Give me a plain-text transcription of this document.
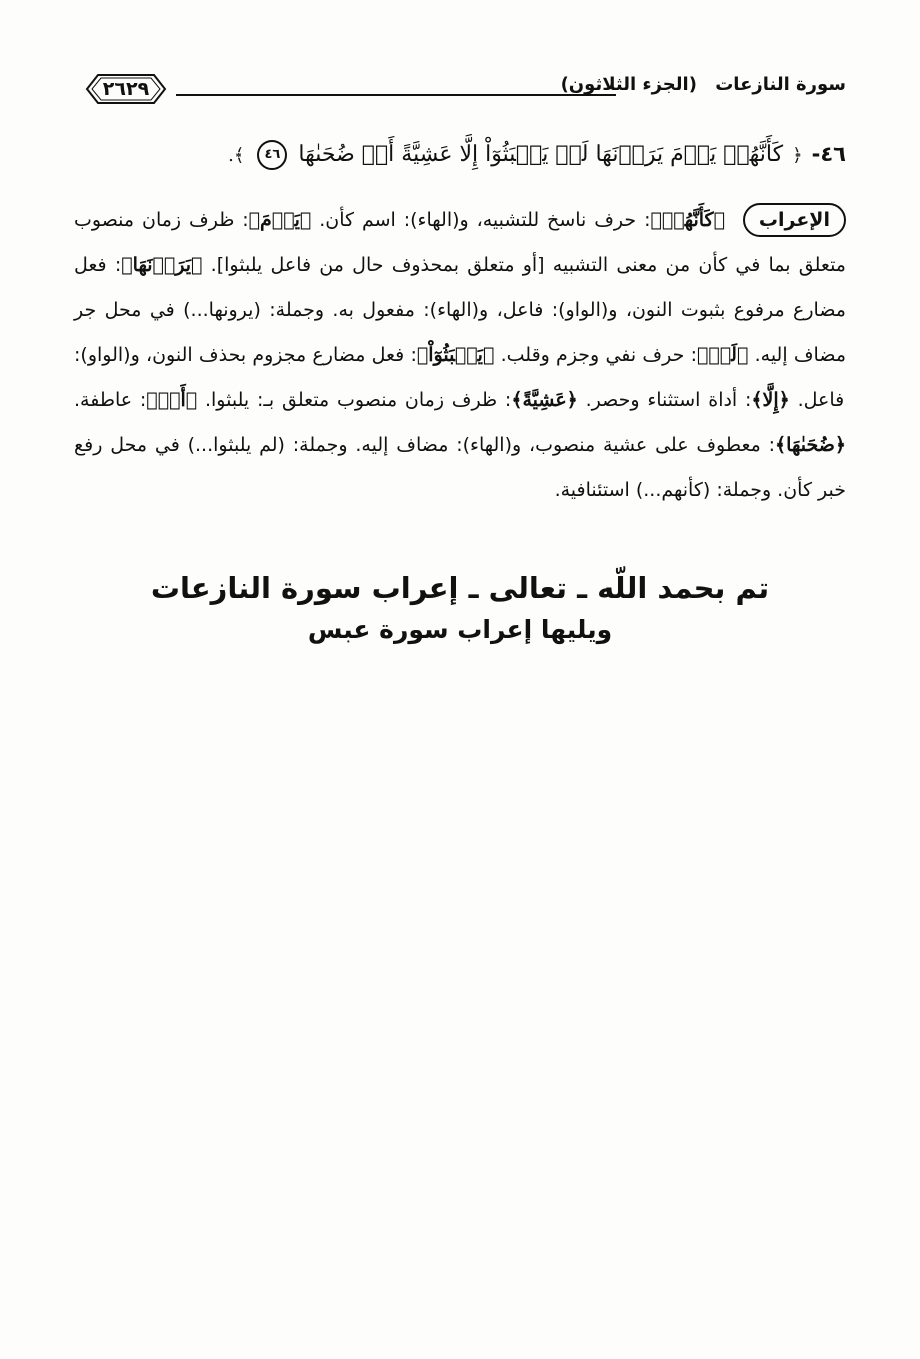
٢٦٢٩	سورة النازعات (الجزء الثلاثون)
٤٦- ﴿ كَأَنَّهُمۡ يَوۡمَ يَرَوۡنَهَا لَمۡ يَلۡبَثُوٓاْ إِلَّا عَشِيَّةً أَوۡ ضُحَىٰهَا ٤٦ ﴾.
الإعراب ﴿كَأَنَّهُمۡ﴾: حرف ناسخ للتشبيه، و(الهاء): اسم كأن. ﴿يَوۡمَ﴾: ظرف زمان منصوب متعلق بما في كأن من معنى التشبيه [أو متعلق بمحذوف حال من فاعل يلبثوا]. ﴿يَرَوۡنَهَا﴾: فعل مضارع مرفوع بثبوت النون، و(الواو): فاعل، و(الهاء): مفعول به. وجملة: (يرونها...) في محل جر مضاف إليه. ﴿لَمۡ﴾: حرف نفي وجزم وقلب. ﴿يَلۡبَثُوٓاْ﴾: فعل مضارع مجزوم بحذف النون، و(الواو): فاعل. ﴿إِلَّا﴾: أداة استثناء وحصر. ﴿عَشِيَّةً﴾: ظرف زمان منصوب متعلق بـ: يلبثوا. ﴿أَوۡ﴾: عاطفة. ﴿ضُحَىٰهَا﴾: معطوف على عشية منصوب، و(الهاء): مضاف إليه. وجملة: (لم يلبثوا...) في محل رفع خبر كأن. وجملة: (كأنهم...) استئنافية.
تم بحمد اللّه ـ تعالى ـ إعراب سورة النازعات
ويليها إعراب سورة عبس
